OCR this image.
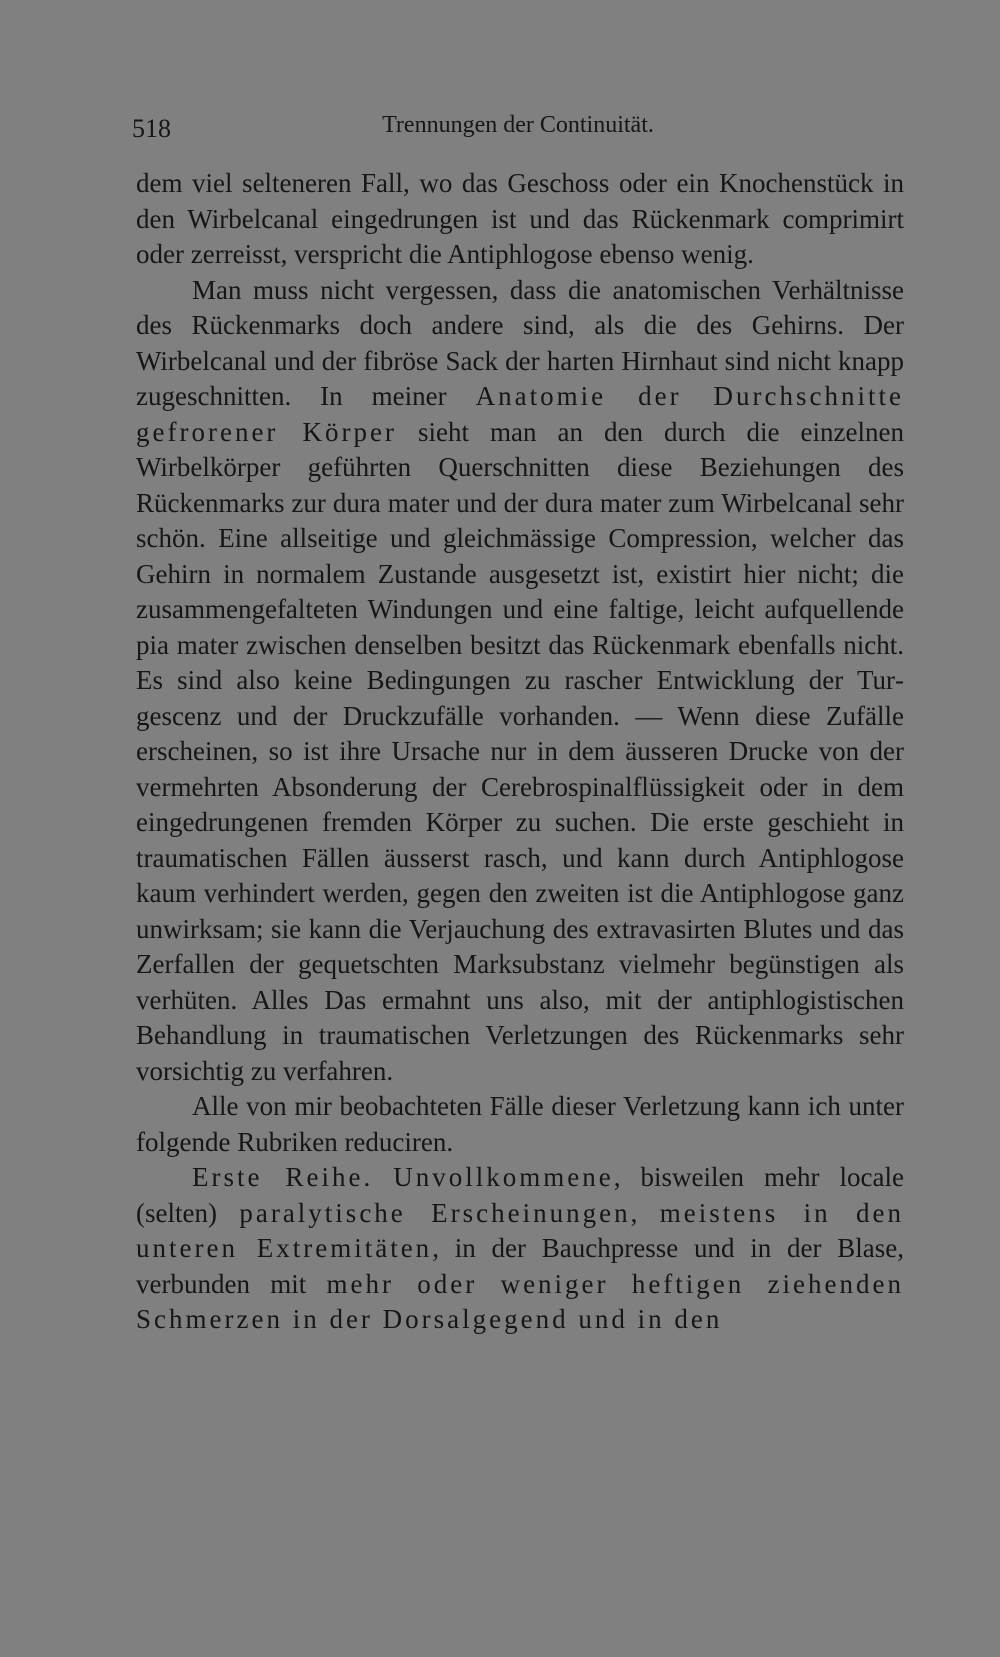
518	Trennungen der Continuität.

dem viel selteneren Fall, wo das Geschoss oder ein Knochenstück in den Wirbelcanal eingedrungen ist und das Rückenmark comprimirt oder zerreisst, verspricht die Antiphlogose ebenso wenig.

Man muss nicht vergessen, dass die anatomischen Verhältnisse des Rückenmarks doch andere sind, als die des Gehirns. Der Wirbelcanal und der fibröse Sack der harten Hirnhaut sind nicht knapp zugeschnitten. In meiner Anatomie der Durchschnitte gefrorener Körper sieht man an den durch die einzelnen Wirbelkörper geführten Querschnitten diese Beziehungen des Rückenmarks zur dura mater und der dura mater zum Wirbelcanal sehr schön. Eine allseitige und gleichmässige Compression, welcher das Gehirn in normalem Zustande ausgesetzt ist, existirt hier nicht; die zusammengefalteten Windungen und eine faltige, leicht aufquellende pia mater zwischen denselben besitzt das Rückenmark ebenfalls nicht. Es sind also keine Bedingungen zu rascher Entwicklung der Turgescenz und der Druckzufälle vorhanden. — Wenn diese Zufälle erscheinen, so ist ihre Ursache nur in dem äusseren Drucke von der vermehrten Absonderung der Cerebrospinalflüssigkeit oder in dem eingedrungenen fremden Körper zu suchen. Die erste geschieht in traumatischen Fällen äusserst rasch, und kann durch Antiphlogose kaum verhindert werden, gegen den zweiten ist die Antiphlogose ganz unwirksam; sie kann die Verjauchung des extravasirten Blutes und das Zerfallen der gequetschten Marksubstanz vielmehr begünstigen als verhüten. Alles Das ermahnt uns also, mit der antiphlogistischen Behandlung in traumatischen Verletzungen des Rückenmarks sehr vorsichtig zu verfahren.

Alle von mir beobachteten Fälle dieser Verletzung kann ich unter folgende Rubriken reduciren.

Erste Reihe. Unvollkommene, bisweilen mehr locale (selten) paralytische Erscheinungen, meistens in den unteren Extremitäten, in der Bauchpresse und in der Blase, verbunden mit mehr oder weniger heftigen ziehenden Schmerzen in der Dorsalgegend und in den
